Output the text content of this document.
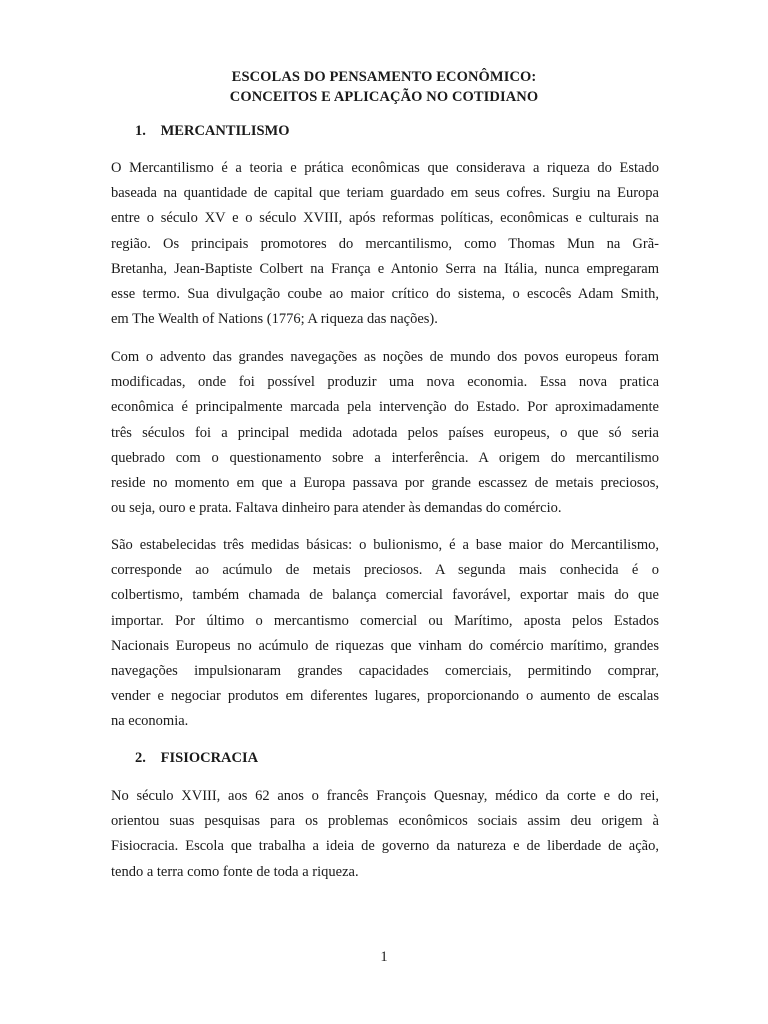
ESCOLAS DO PENSAMENTO ECONÔMICO:
CONCEITOS E APLICAÇÃO NO COTIDIANO
1. MERCANTILISMO
O Mercantilismo é a teoria e prática econômicas que considerava a riqueza do Estado
baseada na quantidade de capital que teriam guardado em seus cofres. Surgiu na Europa
entre o século XV e o século XVIII, após reformas políticas, econômicas e culturais na
região. Os principais promotores do mercantilismo, como Thomas Mun na Grã-
Bretanha, Jean-Baptiste Colbert na França e Antonio Serra na Itália, nunca empregaram
esse termo. Sua divulgação coube ao maior crítico do sistema, o escocês Adam Smith,
em The Wealth of Nations (1776; A riqueza das nações).
Com o advento das grandes navegações as noções de mundo dos povos europeus foram
modificadas, onde foi possível produzir uma nova economia. Essa nova pratica
econômica é principalmente marcada pela intervenção do Estado. Por aproximadamente
três séculos foi a principal medida adotada pelos países europeus, o que só seria
quebrado com o questionamento sobre a interferência. A origem do mercantilismo
reside no momento em que a Europa passava por grande escassez de metais preciosos,
ou seja, ouro e prata. Faltava dinheiro para atender às demandas do comércio.
São estabelecidas três medidas básicas: o bulionismo, é a base maior do Mercantilismo,
corresponde ao acúmulo de metais preciosos. A segunda mais conhecida é o
colbertismo, também chamada de balança comercial favorável, exportar mais do que
importar. Por último o mercantismo comercial ou Marítimo, aposta pelos Estados
Nacionais Europeus no acúmulo de riquezas que vinham do comércio marítimo, grandes
navegações impulsionaram grandes capacidades comerciais, permitindo comprar,
vender e negociar produtos em diferentes lugares, proporcionando o aumento de escalas
na economia.
2. FISIOCRACIA
No século XVIII, aos 62 anos o francês François Quesnay, médico da corte e do rei,
orientou suas pesquisas para os problemas econômicos sociais assim deu origem à
Fisiocracia. Escola que trabalha a ideia de governo da natureza e de liberdade de ação,
tendo a terra como fonte de toda a riqueza.
1
